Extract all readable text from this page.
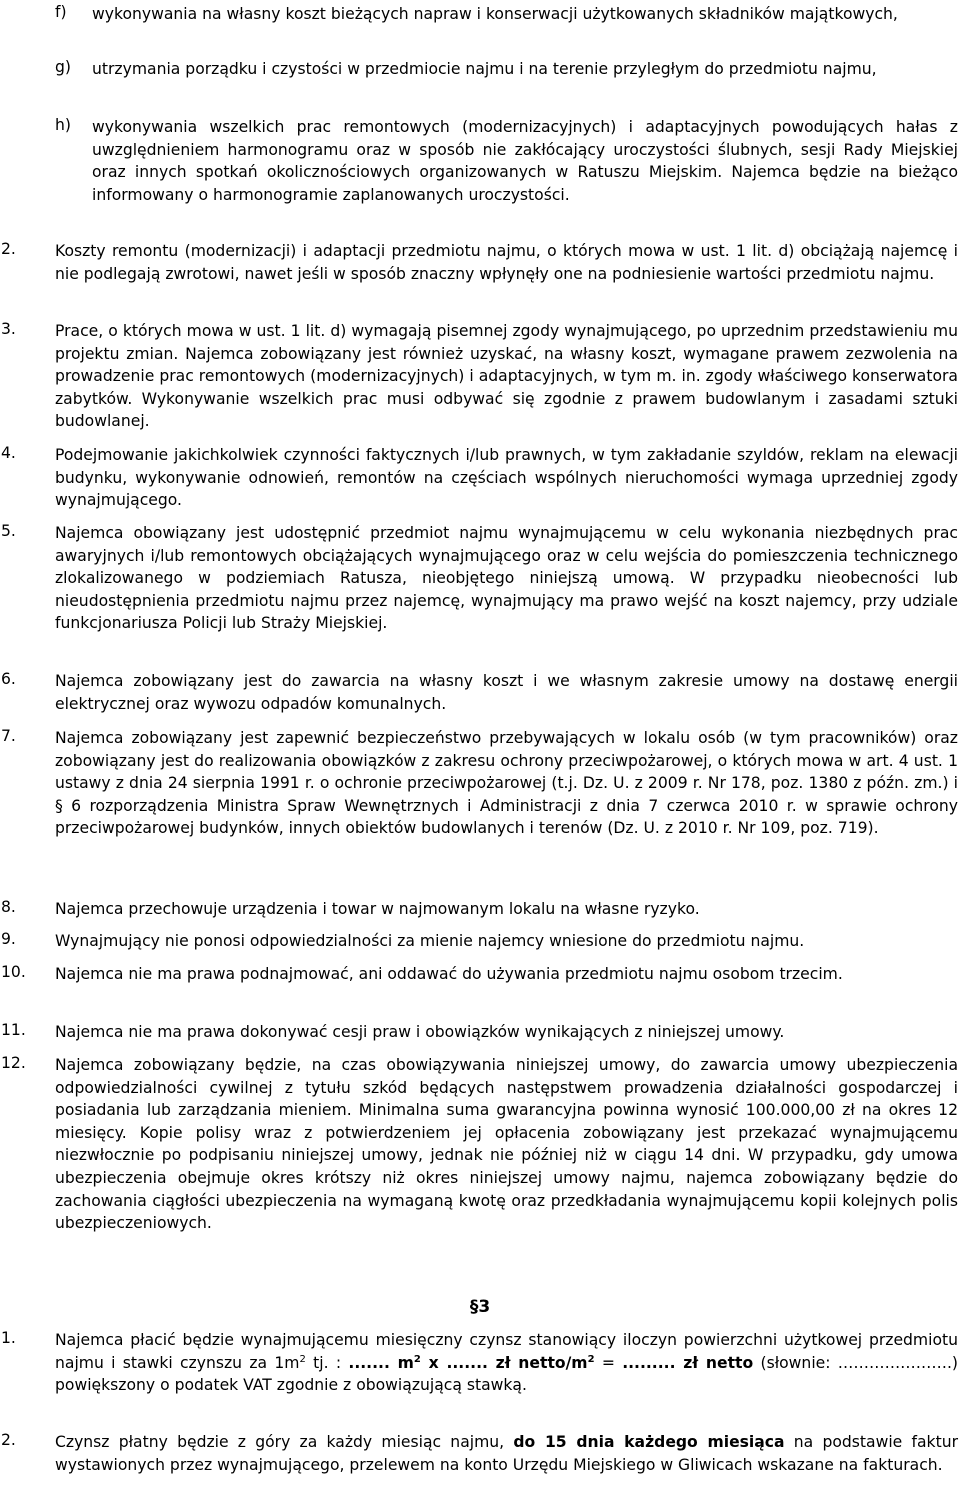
f) wykonywania na własny koszt bieżących napraw i konserwacji użytkowanych składników majątkowych,
g) utrzymania porządku i czystości w przedmiocie najmu i na terenie przyległym do przedmiotu najmu,
h) wykonywania wszelkich prac remontowych (modernizacyjnych) i adaptacyjnych powodujących hałas z uwzględnieniem harmonogramu oraz w sposób nie zakłócający uroczystości ślubnych, sesji Rady Miejskiej oraz innych spotkań okolicznościowych organizowanych w Ratuszu Miejskim. Najemca będzie na bieżąco informowany o harmonogramie zaplanowanych uroczystości.
2.	Koszty remontu (modernizacji) i adaptacji przedmiotu najmu, o których mowa w ust. 1 lit. d) obciążają najemcę i nie podlegają zwrotowi, nawet jeśli w sposób znaczny wpłynęły one na podniesienie wartości przedmiotu najmu.
3.	Prace, o których mowa w ust. 1 lit. d) wymagają pisemnej zgody wynajmującego, po uprzednim przedstawieniu mu projektu zmian. Najemca zobowiązany jest również uzyskać, na własny koszt, wymagane prawem zezwolenia na prowadzenie prac remontowych (modernizacyjnych) i adaptacyjnych, w tym m. in. zgody właściwego konserwatora zabytków. Wykonywanie wszelkich prac musi odbywać się zgodnie z prawem budowlanym i zasadami sztuki budowlanej.
4.	Podejmowanie jakichkolwiek czynności faktycznych i/lub prawnych, w tym zakładanie szyldów, reklam na elewacji budynku, wykonywanie odnowień, remontów na częściach wspólnych nieruchomości wymaga uprzedniej zgody wynajmującego.
5.	Najemca obowiązany jest udostępnić przedmiot najmu wynajmującemu w celu wykonania niezbędnych prac awaryjnych i/lub remontowych obciążających wynajmującego oraz w celu wejścia do pomieszczenia technicznego zlokalizowanego w podziemiach Ratusza, nieobjętego niniejszą umową. W przypadku nieobecności lub nieudostępnienia przedmiotu najmu przez najemcę, wynajmujący ma prawo wejść na koszt najemcy, przy udziale funkcjonariusza Policji lub Straży Miejskiej.
6.	Najemca zobowiązany jest do zawarcia na własny koszt i we własnym zakresie umowy na dostawę energii elektrycznej oraz wywozu odpadów komunalnych.
7.	Najemca zobowiązany jest zapewnić bezpieczeństwo przebywających w lokalu osób (w tym pracowników) oraz zobowiązany jest do realizowania obowiązków z zakresu ochrony przeciwpożarowej, o których mowa w art. 4 ust. 1 ustawy z dnia 24 sierpnia 1991 r. o ochronie przeciwpożarowej (t.j. Dz. U. z 2009 r. Nr 178, poz. 1380 z późn. zm.) i § 6 rozporządzenia Ministra Spraw Wewnętrznych i Administracji z dnia 7 czerwca 2010 r. w sprawie ochrony przeciwpożarowej budynków, innych obiektów budowlanych i terenów (Dz. U. z 2010 r. Nr 109, poz. 719).
8.	Najemca przechowuje urządzenia i towar w najmowanym lokalu na własne ryzyko.
9.	Wynajmujący nie ponosi odpowiedzialności za mienie najemcy wniesione do przedmiotu najmu.
10. Najemca nie ma prawa podnajmować, ani oddawać do używania przedmiotu najmu osobom trzecim.
11. Najemca nie ma prawa dokonywać cesji praw i obowiązków wynikających z niniejszej umowy.
12. Najemca zobowiązany będzie, na czas obowiązywania niniejszej umowy, do zawarcia umowy ubezpieczenia odpowiedzialności cywilnej z tytułu szkód będących następstwem prowadzenia działalności gospodarczej i posiadania lub zarządzania mieniem. Minimalna suma gwarancyjna powinna wynosić 100.000,00 zł na okres 12 miesięcy. Kopie polisy wraz z potwierdzeniem jej opłacenia zobowiązany jest przekazać wynajmującemu niezwłocznie po podpisaniu niniejszej umowy, jednak nie później niż w ciągu 14 dni. W przypadku, gdy umowa ubezpieczenia obejmuje okres krótszy niż okres niniejszej umowy najmu, najemca zobowiązany będzie do zachowania ciągłości ubezpieczenia na wymaganą kwotę oraz przedkładania wynajmującemu kopii kolejnych polis ubezpieczeniowych.
§3
1.	Najemca płacić będzie wynajmującemu miesięczny czynsz stanowiący iloczyn powierzchni użytkowej przedmiotu najmu i stawki czynszu za $1m^2$ tj. : ....... $m^2$ x ....... zł netto/$m^2$ = ......... zł netto (słownie: ………………….) powiększony o podatek VAT zgodnie z obowiązującą stawką.
2.	Czynsz płatny będzie z góry za każdy miesiąc najmu, do 15 dnia każdego miesiąca na podstawie faktur wystawionych przez wynajmującego, przelewem na konto Urzędu Miejskiego w Gliwicach wskazane na fakturach.
